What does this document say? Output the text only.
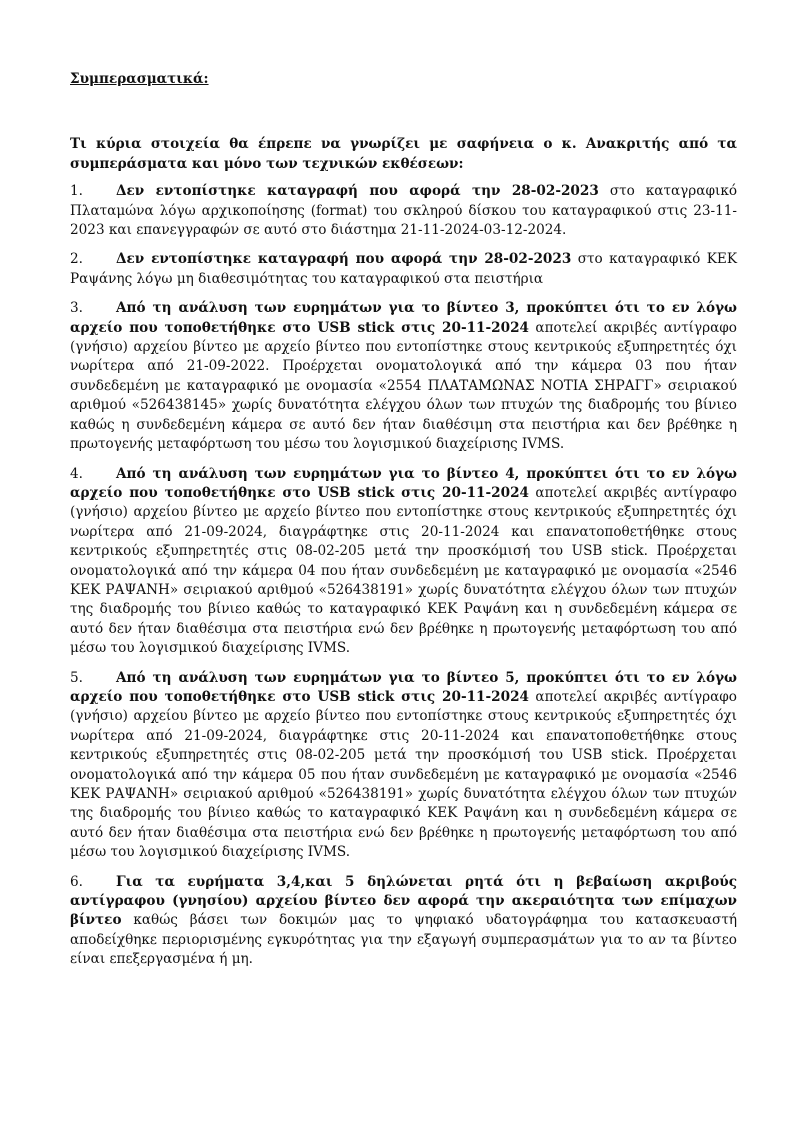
Συμπερασματικά:

Τι κύρια στοιχεία θα έπρεπε να γνωρίζει με σαφήνεια ο κ. Ανακριτής από τα συμπεράσματα και μόνο των τεχνικών εκθέσεων:

1. Δεν εντοπίστηκε καταγραφή που αφορά την 28-02-2023 στο καταγραφικό Πλαταμώνα λόγω αρχικοποίησης (format) του σκληρού δίσκου του καταγραφικού στις 23-11-2023 και επανεγγραφών σε αυτό στο διάστημα 21-11-2024-03-12-2024.

2. Δεν εντοπίστηκε καταγραφή που αφορά την 28-02-2023 στο καταγραφικό ΚΕΚ Ραψάνης λόγω μη διαθεσιμότητας του καταγραφικού στα πειστήρια

3. Από τη ανάλυση των ευρημάτων για το βίντεο 3, προκύπτει ότι το εν λόγω αρχείο που τοποθετήθηκε στο USB stick στις 20-11-2024 αποτελεί ακριβές αντίγραφο (γνήσιο) αρχείου βίντεο με αρχείο βίντεο που εντοπίστηκε στους κεντρικούς εξυπηρετητές όχι νωρίτερα από 21-09-2022. Προέρχεται ονοματολογικά από την κάμερα 03 που ήταν συνδεδεμένη με καταγραφικό με ονομασία «2554 ΠΛΑΤΑΜΩΝΑΣ ΝΟΤΙΑ ΣΗΡΑΓΓ» σειριακού αριθμού «526438145» χωρίς δυνατότητα ελέγχου όλων των πτυχών της διαδρομής του βίνιεο καθώς η συνδεδεμένη κάμερα σε αυτό δεν ήταν διαθέσιμη στα πειστήρια και δεν βρέθηκε η πρωτογενής μεταφόρτωση του μέσω του λογισμικού διαχείρισης IVMS.

4. Από τη ανάλυση των ευρημάτων για το βίντεο 4, προκύπτει ότι το εν λόγω αρχείο που τοποθετήθηκε στο USB stick στις 20-11-2024 αποτελεί ακριβές αντίγραφο (γνήσιο) αρχείου βίντεο με αρχείο βίντεο που εντοπίστηκε στους κεντρικούς εξυπηρετητές όχι νωρίτερα από 21-09-2024, διαγράφτηκε στις 20-11-2024 και επανατοποθετήθηκε στους κεντρικούς εξυπηρετητές στις 08-02-205 μετά την προσκόμισή του USB stick. Προέρχεται ονοματολογικά από την κάμερα 04 που ήταν συνδεδεμένη με καταγραφικό με ονομασία «2546 ΚΕΚ ΡΑΨΑΝΗ» σειριακού αριθμού «526438191» χωρίς δυνατότητα ελέγχου όλων των πτυχών της διαδρομής του βίνιεο καθώς το καταγραφικό ΚΕΚ Ραψάνη και η συνδεδεμένη κάμερα σε αυτό δεν ήταν διαθέσιμα στα πειστήρια ενώ δεν βρέθηκε η πρωτογενής μεταφόρτωση του από μέσω του λογισμικού διαχείρισης IVMS.

5. Από τη ανάλυση των ευρημάτων για το βίντεο 5, προκύπτει ότι το εν λόγω αρχείο που τοποθετήθηκε στο USB stick στις 20-11-2024 αποτελεί ακριβές αντίγραφο (γνήσιο) αρχείου βίντεο με αρχείο βίντεο που εντοπίστηκε στους κεντρικούς εξυπηρετητές όχι νωρίτερα από 21-09-2024, διαγράφτηκε στις 20-11-2024 και επανατοποθετήθηκε στους κεντρικούς εξυπηρετητές στις 08-02-205 μετά την προσκόμισή του USB stick. Προέρχεται ονοματολογικά από την κάμερα 05 που ήταν συνδεδεμένη με καταγραφικό με ονομασία «2546 ΚΕΚ ΡΑΨΑΝΗ» σειριακού αριθμού «526438191» χωρίς δυνατότητα ελέγχου όλων των πτυχών της διαδρομής του βίνιεο καθώς το καταγραφικό ΚΕΚ Ραψάνη και η συνδεδεμένη κάμερα σε αυτό δεν ήταν διαθέσιμα στα πειστήρια ενώ δεν βρέθηκε η πρωτογενής μεταφόρτωση του από μέσω του λογισμικού διαχείρισης IVMS.

6. Για τα ευρήματα 3,4,και 5 δηλώνεται ρητά ότι η βεβαίωση ακριβούς αντίγραφου (γνησίου) αρχείου βίντεο δεν αφορά την ακεραιότητα των επίμαχων βίντεο καθώς βάσει των δοκιμών μας το ψηφιακό υδατογράφημα του κατασκευαστή αποδείχθηκε περιορισμένης εγκυρότητας για την εξαγωγή συμπερασμάτων για το αν τα βίντεο είναι επεξεργασμένα ή μη.
